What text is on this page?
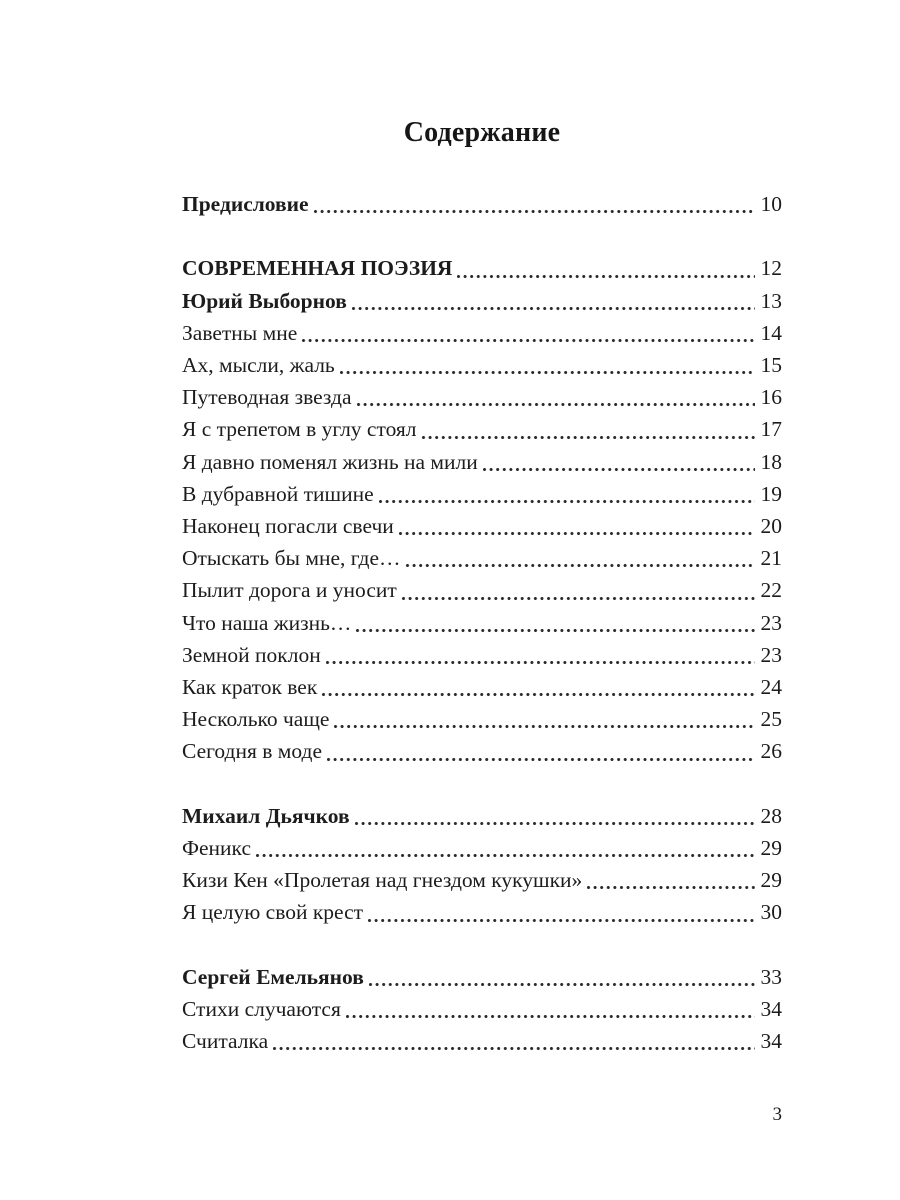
Содержание
Предисловие	10
СОВРЕМЕННАЯ ПОЭЗИЯ	12
Юрий Выборнов	13
Заветны мне	14
Ах, мысли, жаль	15
Путеводная звезда	16
Я с трепетом в углу стоял	17
Я давно поменял жизнь на мили	18
В дубравной тишине	19
Наконец погасли свечи	20
Отыскать бы мне, где…	21
Пылит дорога и уносит	22
Что наша жизнь…	23
Земной поклон	23
Как краток век	24
Несколько чаще	25
Сегодня в моде	26
Михаил Дьячков	28
Феникс	29
Кизи Кен «Пролетая над гнездом кукушки»	29
Я целую свой крест	30
Сергей Емельянов	33
Стихи случаются	34
Считалка	34
3
